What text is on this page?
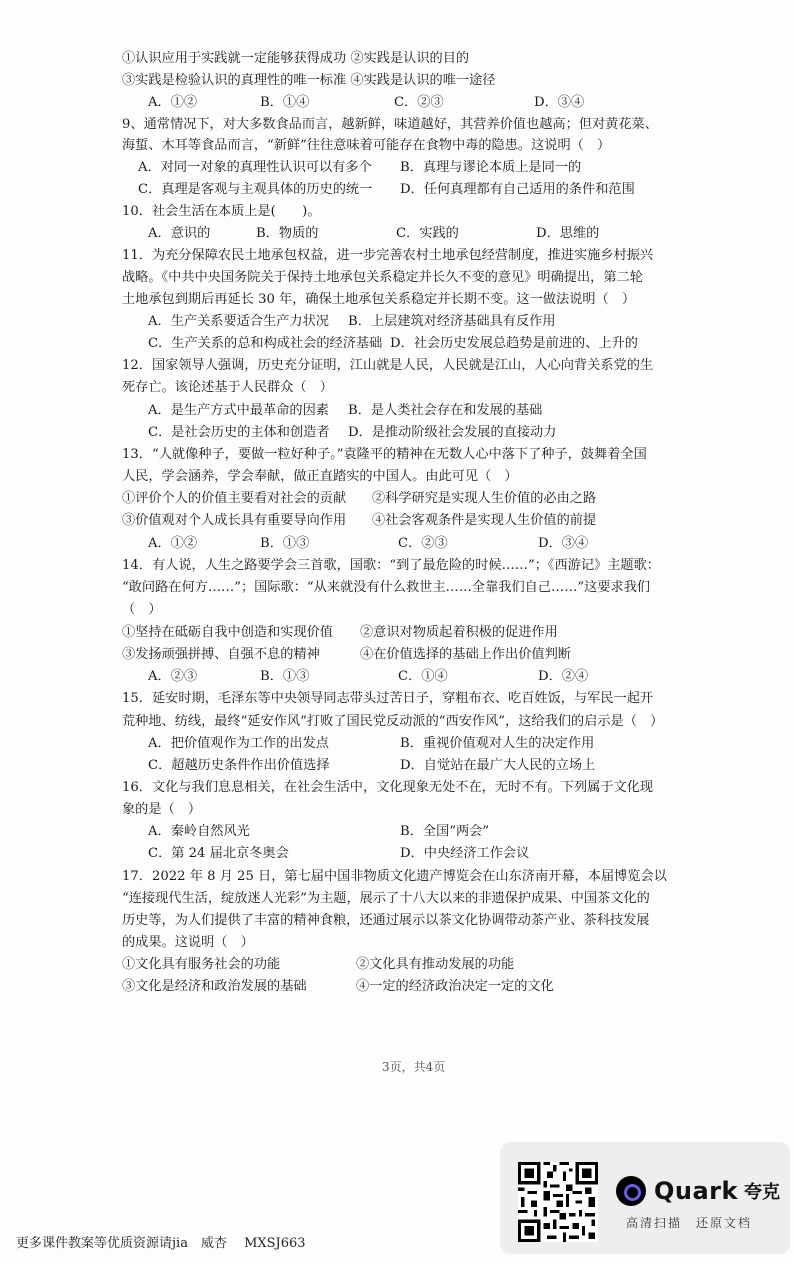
①认识应用于实践就一定能够获得成功 ②实践是认识的目的
③实践是检验认识的真理性的唯一标准 ④实践是认识的唯一途径
A．①②	B．①④	C．②③	D．③④
9、通常情况下，对大多数食品而言，越新鲜，味道越好，其营养价值也越高；但对黄花菜、
海蜇、木耳等食品而言，“新鲜”往往意味着可能存在食物中毒的隐患。这说明（　）
A．对同一对象的真理性认识可以有多个 B．真理与谬论本质上是同一的
C．真理是客观与主观具体的历史的统一 D．任何真理都有自己适用的条件和范围
10．社会生活在本质上是(　　)。
A．意识的	B．物质的	C．实践的	D．思维的
11．为充分保障农民土地承包权益，进一步完善农村土地承包经营制度，推进实施乡村振兴
战略。《中共中央国务院关于保持土地承包关系稳定并长久不变的意见》明确提出，第二轮
土地承包到期后再延长 30 年，确保土地承包关系稳定并长期不变。这一做法说明（　）
A．生产关系要适合生产力状况 B．上层建筑对经济基础具有反作用
C．生产关系的总和构成社会的经济基础 D．社会历史发展总趋势是前进的、上升的
12．国家领导人强调，历史充分证明，江山就是人民，人民就是江山，人心向背关系党的生
死存亡。该论述基于人民群众（　）
A．是生产方式中最革命的因素 B．是人类社会存在和发展的基础
C．是社会历史的主体和创造者 D．是推动阶级社会发展的直接动力
13．“人就像种子，要做一粒好种子。”袁隆平的精神在无数人心中落下了种子，鼓舞着全国
人民，学会涵养，学会奉献，做正直踏实的中国人。由此可见（　）
①评价个人的价值主要看对社会的贡献 ②科学研究是实现人生价值的必由之路
③价值观对个人成长具有重要导向作用 ④社会客观条件是实现人生价值的前提
A．①②	B．①③	C．②③	D．③④
14．有人说，人生之路要学会三首歌，国歌：“到了最危险的时候……”；《西游记》主题歌：
“敢问路在何方……”；国际歌：“从来就没有什么救世主……全靠我们自己……”这要求我们
（　）
①坚持在砥砺自我中创造和实现价值 ②意识对物质起着积极的促进作用
③发扬顽强拼搏、自强不息的精神	④在价值选择的基础上作出价值判断
A．②③	B．①③	C．①④	D．②④
15．延安时期，毛泽东等中央领导同志带头过苦日子，穿粗布衣、吃百姓饭，与军民一起开
荒种地、纺线，最终“延安作风”打败了国民党反动派的“西安作风”，这给我们的启示是（　）
A．把价值观作为工作的出发点	B．重视价值观对人生的决定作用
C．超越历史条件作出价值选择	D．自觉站在最广大人民的立场上
16．文化与我们息息相关，在社会生活中，文化现象无处不在，无时不有。下列属于文化现
象的是（　）
A．秦岭自然风光	B．全国“两会”
C．第 24 届北京冬奥会	D．中央经济工作会议
17．2022 年 8 月 25 日，第七届中国非物质文化遗产博览会在山东济南开幕，本届博览会以
“连接现代生活，绽放迷人光彩”为主题，展示了十八大以来的非遗保护成果、中国茶文化的
历史等，为人们提供了丰富的精神食粮，还通过展示以茶文化协调带动茶产业、茶科技发展
的成果。这说明（　）
①文化具有服务社会的功能	②文化具有推动发展的功能
③文化是经济和政治发展的基础	④一定的经济政治决定一定的文化
3页，共4页
Quark 夸克
高清扫描　还原文档
更多课件教案等优质资源请jia　威杏　 MXSJ663
